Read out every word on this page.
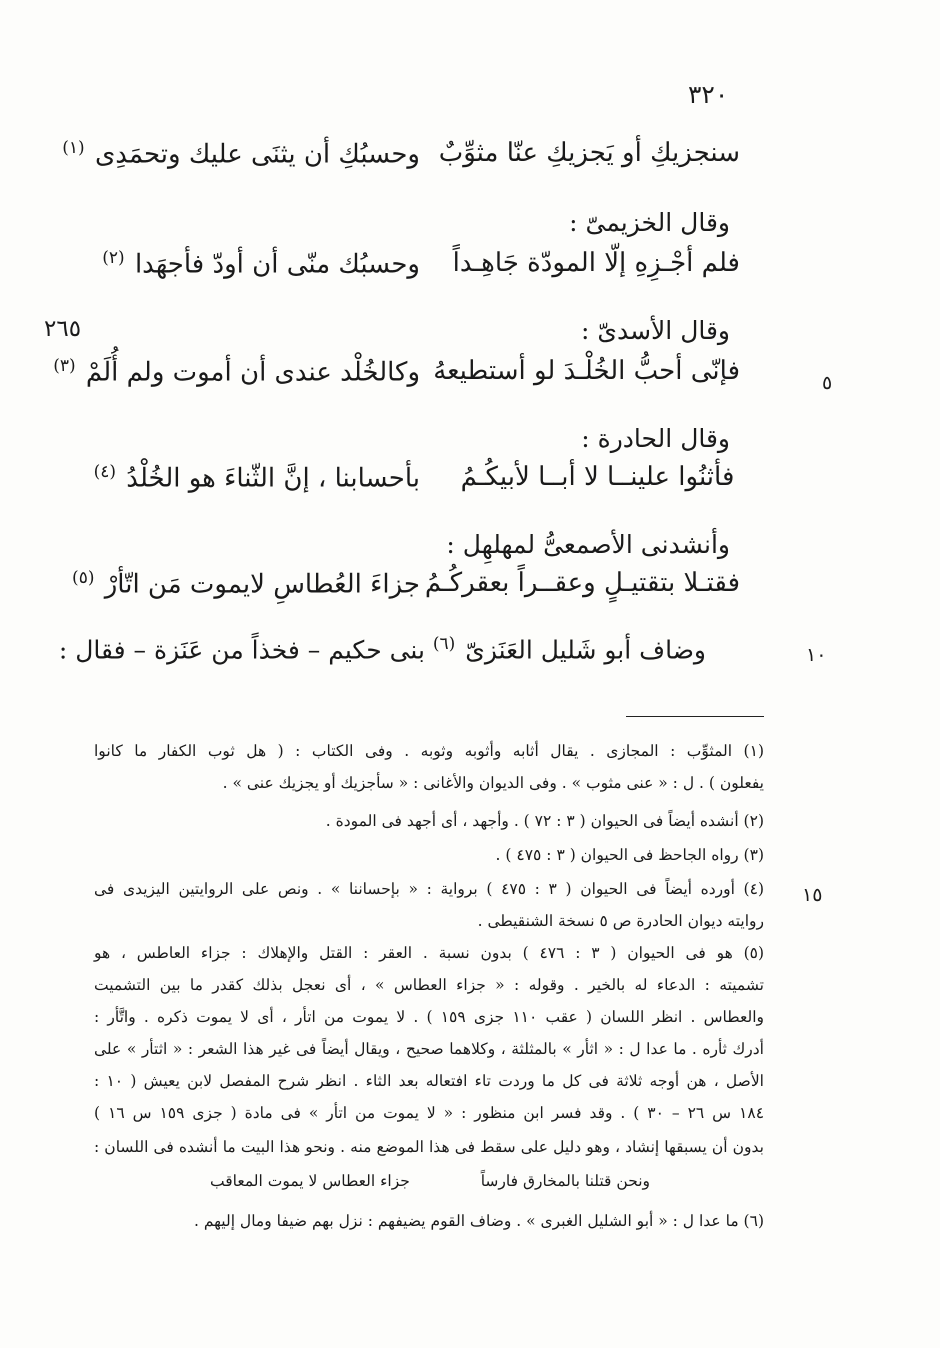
٣٢٠
٢٦٥
٥
١٠
١٥
سنجزيكِ أو يَجزيكِ عنّا مثوِّبٌ
وحسبُكِ أن يثنَى عليك وتحمَدِى $^{(١)}$
وقال الخزيمىّ :
فلم أجْـزِهِ إلّا المودّة جَاهِـداً
وحسبُك منّى أن أودّ فأجهَدا $^{(٢)}$
وقال الأسدىّ :
فإنّى أحبُّ الخُلْـدَ لو أستطيعهُ
وكالخُلْد عندى أن أموت ولم أُلَمْ $^{(٣)}$
وقال الحادرة :
فأثنُوا علينــا لا أبــا لأبيكُـمُ
بأحسابنا ، إنَّ الثّناءَ هو الخُلْدُ $^{(٤)}$
وأنشدنى الأصمعىُّ لمهلهِل :
فقتـلا بتقتيـلٍ وعقــراً بعقركُـمُ
جزاءَ العُطاسِ لايموت مَن اتّأرْ $^{(٥)}$
وضاف أبو شَليل العَنَزىّ $^{(٦)}$ بنى حكيم – فخذاً من عَنَزة – فقال :
(١) المثوِّب : المجازى . يقال أثابه وأثوبه وثوبه . وفى الكتاب : ( هل ثوب الكفار ما كانوا
يفعلون ) . ل : « عنى مثوب » . وفى الديوان والأغانى : « سأجزيك أو يجزيك عنى » .
(٢) أنشده أيضاً فى الحيوان ( ٣ : ٧٢ ) . وأجهد ، أى أجهد فى المودة .
(٣) رواه الجاحظ فى الحيوان ( ٣ : ٤٧٥ ) .
(٤) أورده أيضاً فى الحيوان ( ٣ : ٤٧٥ ) برواية : « بإحساننا » . ونص على الروايتين اليزيدى فى
روايته ديوان الحادرة ص ٥ نسخة الشنقيطى .
(٥) هو فى الحيوان ( ٣ : ٤٧٦ ) بدون نسبة . العقر : القتل والإهلاك : جزاء العاطس ، هو
تشميته : الدعاء له بالخير . وقوله : « جزاء العطاس » ، أى نعجل بذلك كقدر ما بين التشميت
والعطاس . انظر اللسان ( عقب ١١٠ جزى ١٥٩ ) . لا يموت من اتأر ، أى لا يموت ذكره . واتَّأر :
أدرك ثأره . ما عدا ل : « اثأر » بالمثلثة ، وكلاهما صحيح ، ويقال أيضاً فى غير هذا الشعر : « اثتأر » على
الأصل ، هن أوجه ثلاثة فى كل ما وردت تاء افتعاله بعد الثاء . انظر شرح المفصل لابن يعيش ( ١٠ :
١٨٤ س ٢٦ – ٣٠ ) . وقد فسر ابن منظور : « لا يموت من اتأر » فى مادة ( جزى ١٥٩ س ١٦ )
بدون أن يسبقها إنشاد ، وهو دليل على سقط فى هذا الموضع منه . ونحو هذا البيت ما أنشده فى اللسان :
ونحن قتلنا بالمخارق فارساً
جزاء العطاس لا يموت المعاقب
(٦) ما عدا ل : « أبو الشليل الغبرى » . وضاف القوم يضيفهم : نزل بهم ضيفا ومال إليهم .
